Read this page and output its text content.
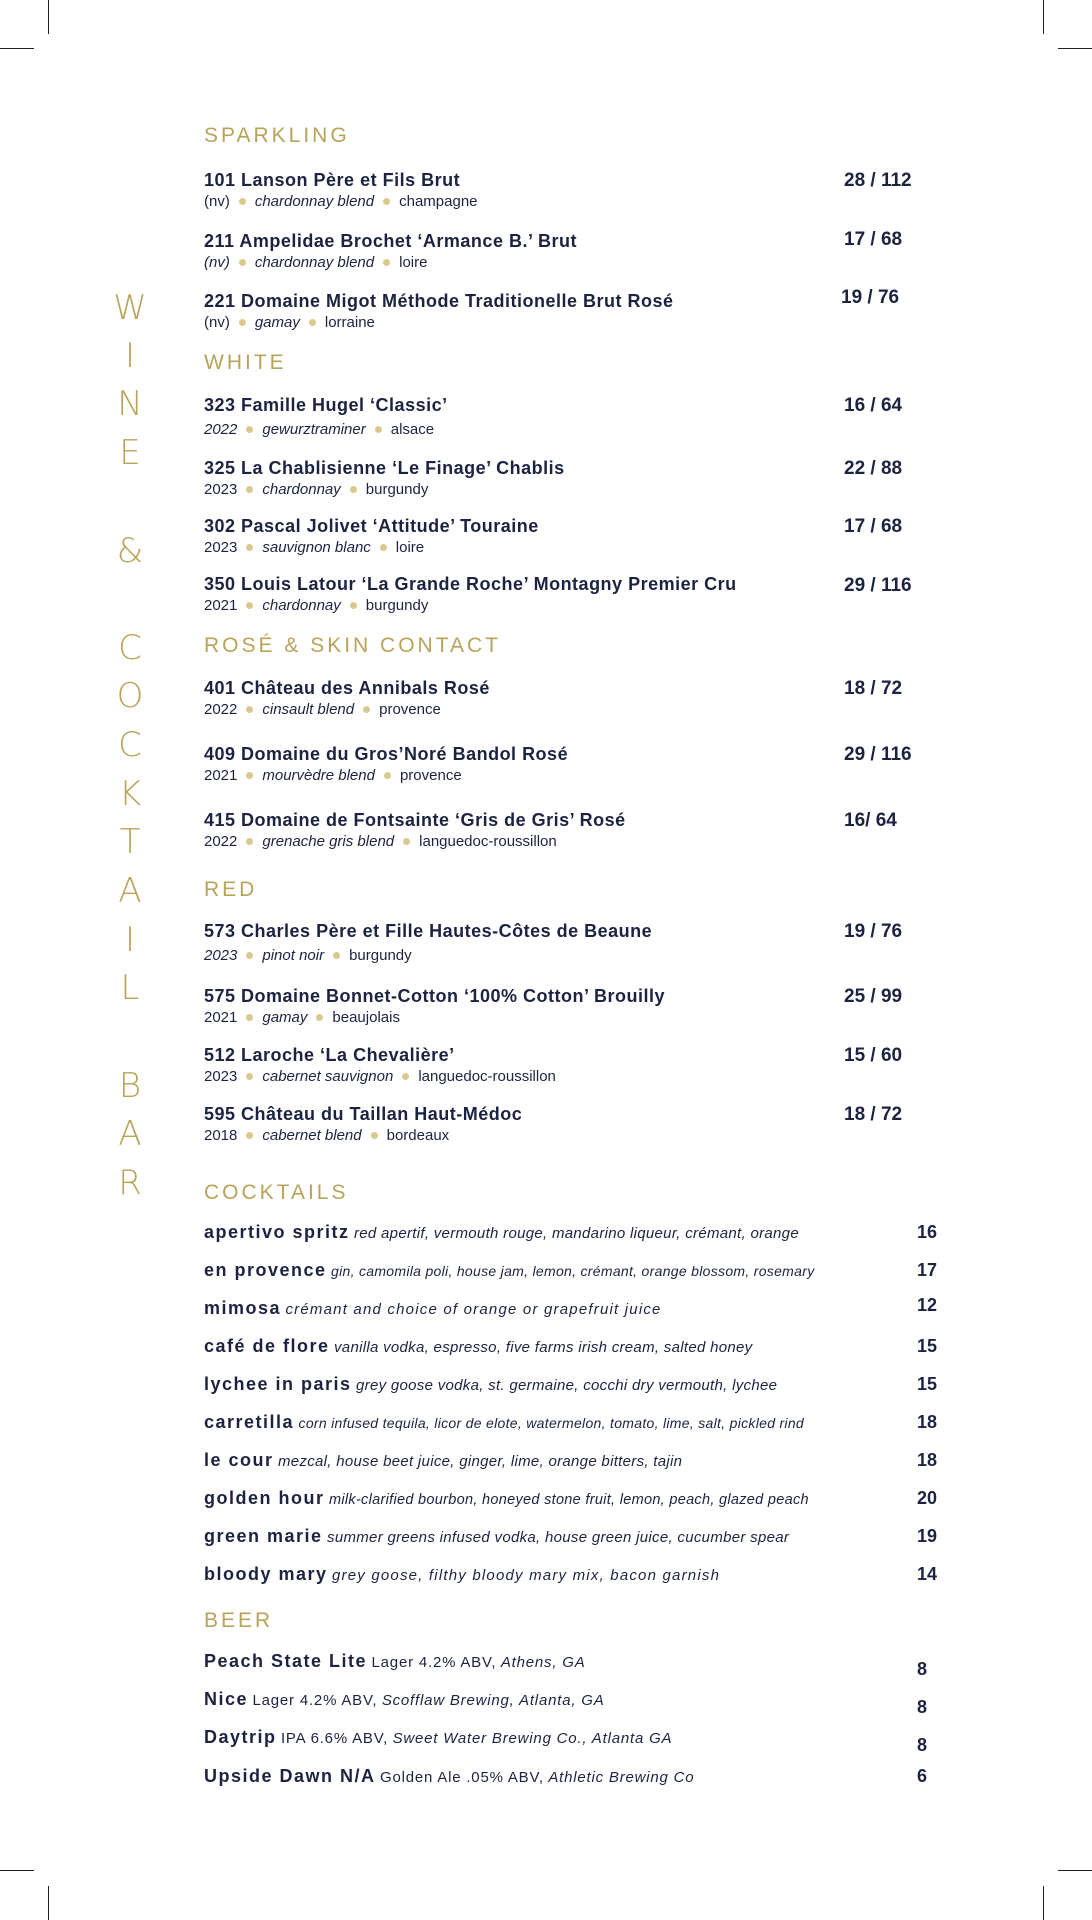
W
I
N
E
&
C
O
C
K
T
A
I
L
B
A
R
SPARKLING
101 Lanson Père et Fils Brut
(nv) chardonnay blend champagne
28 / 112
211 Ampelidae Brochet ‘Armance B.’ Brut
(nv) chardonnay blend loire
17 / 68
221 Domaine Migot Méthode Traditionelle Brut Rosé
(nv) gamay lorraine
19 / 76
WHITE
323 Famille Hugel ‘Classic’
2022 gewurztraminer alsace
16 / 64
325 La Chablisienne ‘Le Finage’ Chablis
2023 chardonnay burgundy
22 / 88
302 Pascal Jolivet ‘Attitude’ Touraine
2023 sauvignon blanc loire
17 / 68
350 Louis Latour ‘La Grande Roche’ Montagny Premier Cru
2021 chardonnay burgundy
29 / 116
ROSÉ & SKIN CONTACT
401 Château des Annibals Rosé
2022 cinsault blend provence
18 / 72
409 Domaine du Gros’Noré Bandol Rosé
2021 mourvèdre blend provence
29 / 116
415 Domaine de Fontsainte ‘Gris de Gris’ Rosé
2022 grenache gris blend languedoc-roussillon
16/ 64
RED
573 Charles Père et Fille Hautes-Côtes de Beaune
2023 pinot noir burgundy
19 / 76
575 Domaine Bonnet-Cotton ‘100% Cotton’ Brouilly
2021 gamay beaujolais
25 / 99
512 Laroche ‘La Chevalière’
2023 cabernet sauvignon languedoc-roussillon
15 / 60
595 Château du Taillan Haut-Médoc
2018 cabernet blend bordeaux
18 / 72
COCKTAILS
apertivo spritz red apertif, vermouth rouge, mandarino liqueur, crémant, orange	16
en provence gin, camomila poli, house jam, lemon, crémant, orange blossom, rosemary	17
mimosa crémant and choice of orange or grapefruit juice	12
café de flore vanilla vodka, espresso, five farms irish cream, salted honey	15
lychee in paris grey goose vodka, st. germaine, cocchi dry vermouth, lychee	15
carretilla corn infused tequila, licor de elote, watermelon, tomato, lime, salt, pickled rind	18
le cour mezcal, house beet juice, ginger, lime, orange bitters, tajin	18
golden hour milk-clarified bourbon, honeyed stone fruit, lemon, peach, glazed peach	20
green marie summer greens infused vodka, house green juice, cucumber spear	19
bloody mary grey goose, filthy bloody mary mix, bacon garnish	14
BEER
Peach State Lite Lager 4.2% ABV, Athens, GA	8
Nice Lager 4.2% ABV, Scofflaw Brewing, Atlanta, GA	8
Daytrip IPA 6.6% ABV, Sweet Water Brewing Co., Atlanta GA	8
Upside Dawn N/A Golden Ale .05% ABV, Athletic Brewing Co	6
